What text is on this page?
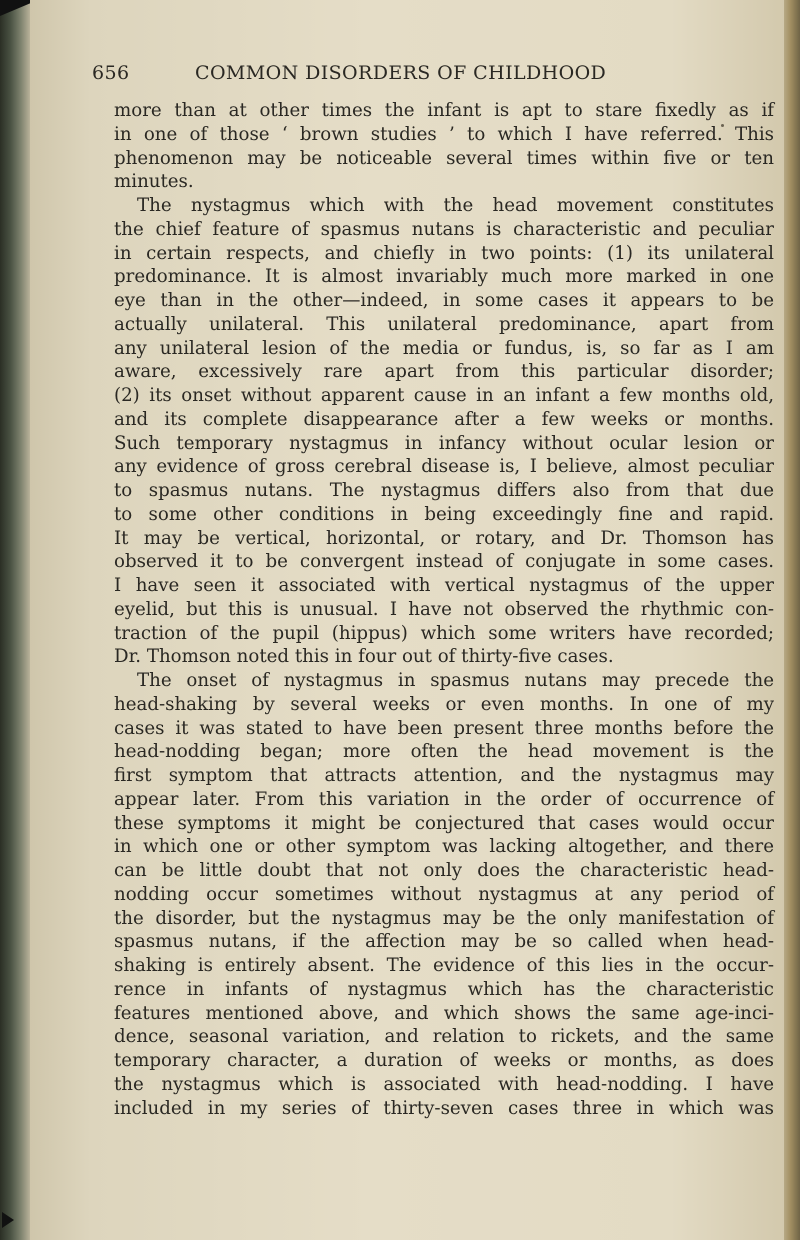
656	COMMON DISORDERS OF CHILDHOOD
more than at other times the infant is apt to stare fixedly as if
in one of those ‘ brown studies ’ to which I have referred. This
phenomenon may be noticeable several times within five or ten
minutes.
The nystagmus which with the head movement constitutes
the chief feature of spasmus nutans is characteristic and peculiar
in certain respects, and chiefly in two points: (1) its unilateral
predominance. It is almost invariably much more marked in one
eye than in the other—indeed, in some cases it appears to be
actually unilateral. This unilateral predominance, apart from
any unilateral lesion of the media or fundus, is, so far as I am
aware, excessively rare apart from this particular disorder;
(2) its onset without apparent cause in an infant a few months old,
and its complete disappearance after a few weeks or months.
Such temporary nystagmus in infancy without ocular lesion or
any evidence of gross cerebral disease is, I believe, almost peculiar
to spasmus nutans. The nystagmus differs also from that due
to some other conditions in being exceedingly fine and rapid.
It may be vertical, horizontal, or rotary, and Dr. Thomson has
observed it to be convergent instead of conjugate in some cases.
I have seen it associated with vertical nystagmus of the upper
eyelid, but this is unusual. I have not observed the rhythmic con-
traction of the pupil (hippus) which some writers have recorded;
Dr. Thomson noted this in four out of thirty-five cases.
The onset of nystagmus in spasmus nutans may precede the
head-shaking by several weeks or even months. In one of my
cases it was stated to have been present three months before the
head-nodding began; more often the head movement is the
first symptom that attracts attention, and the nystagmus may
appear later. From this variation in the order of occurrence of
these symptoms it might be conjectured that cases would occur
in which one or other symptom was lacking altogether, and there
can be little doubt that not only does the characteristic head-
nodding occur sometimes without nystagmus at any period of
the disorder, but the nystagmus may be the only manifestation of
spasmus nutans, if the affection may be so called when head-
shaking is entirely absent. The evidence of this lies in the occur-
rence in infants of nystagmus which has the characteristic
features mentioned above, and which shows the same age-inci-
dence, seasonal variation, and relation to rickets, and the same
temporary character, a duration of weeks or months, as does
the nystagmus which is associated with head-nodding. I have
included in my series of thirty-seven cases three in which was
